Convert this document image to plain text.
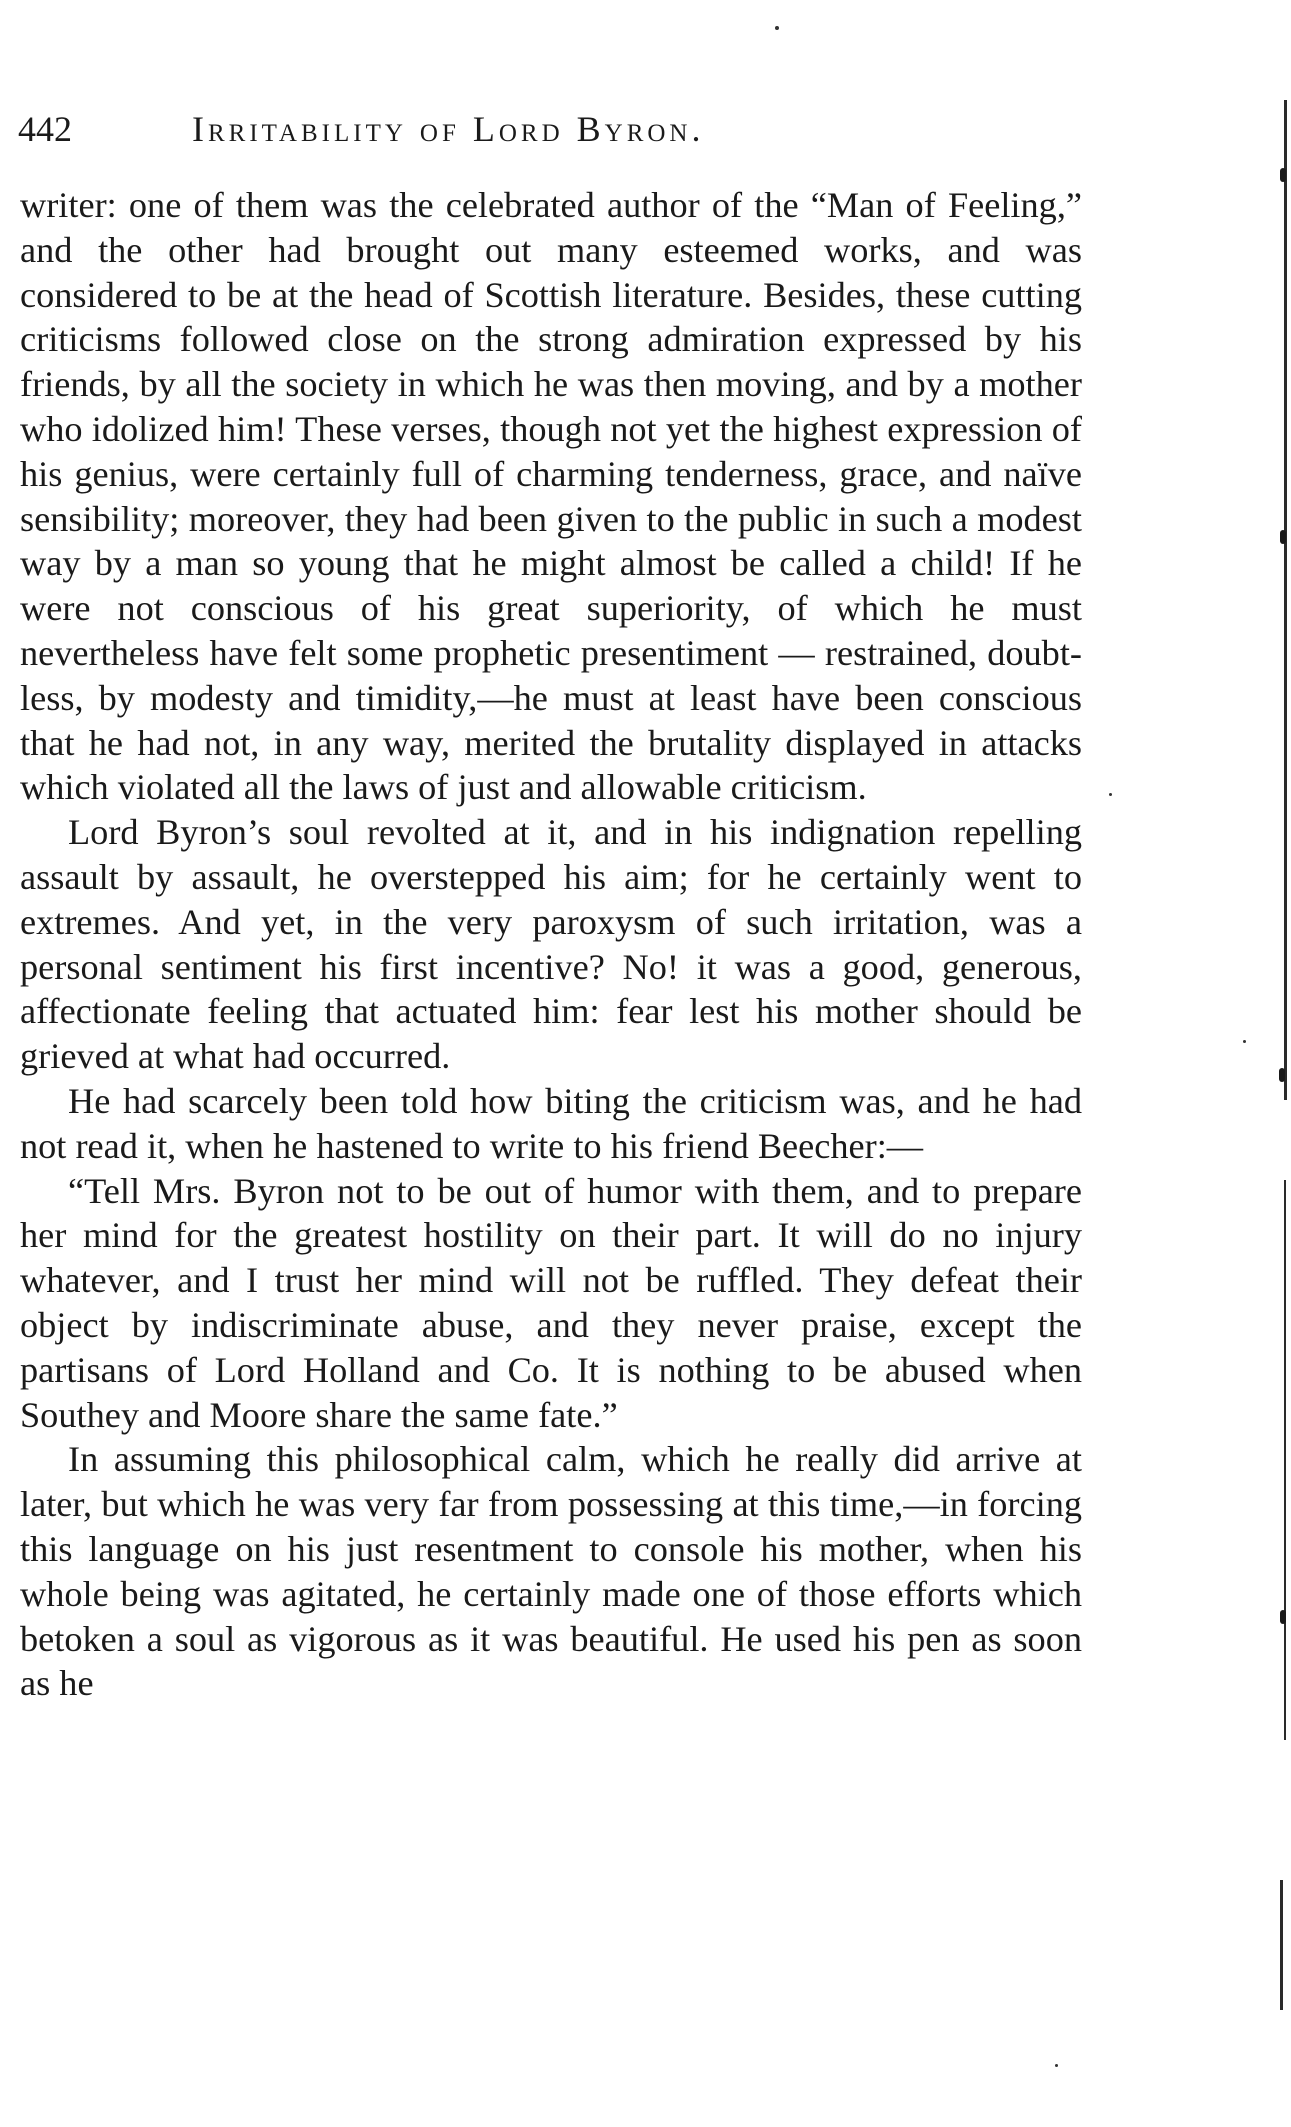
442	Irritability of Lord Byron.

writer: one of them was the celebrated author of the “Man of Feeling,” and the other had brought out many esteemed works, and was considered to be at the head of Scottish literature. Besides, these cutting criticisms followed close on the strong admiration expressed by his friends, by all the society in which he was then moving, and by a mother who idolized him! These verses, though not yet the highest expression of his genius, were certainly full of charming tenderness, grace, and naïve sensibility; moreover, they had been given to the public in such a modest way by a man so young that he might almost be called a child! If he were not conscious of his great superiority, of which he must nevertheless have felt some prophetic presentiment — restrained, doubtless, by modesty and timidity,—he must at least have been conscious that he had not, in any way, merited the brutality displayed in attacks which violated all the laws of just and allowable criticism.

Lord Byron’s soul revolted at it, and in his indignation repelling assault by assault, he overstepped his aim; for he certainly went to extremes. And yet, in the very paroxysm of such irritation, was a personal sentiment his first incentive? No! it was a good, generous, affectionate feeling that actuated him: fear lest his mother should be grieved at what had occurred.

He had scarcely been told how biting the criticism was, and he had not read it, when he hastened to write to his friend Beecher:—

“Tell Mrs. Byron not to be out of humor with them, and to prepare her mind for the greatest hostility on their part. It will do no injury whatever, and I trust her mind will not be ruffled. They defeat their object by indiscriminate abuse, and they never praise, except the partisans of Lord Holland and Co. It is nothing to be abused when Southey and Moore share the same fate.”

In assuming this philosophical calm, which he really did arrive at later, but which he was very far from possessing at this time,—in forcing this language on his just resentment to console his mother, when his whole being was agitated, he certainly made one of those efforts which betoken a soul as vigorous as it was beautiful. He used his pen as soon as he
